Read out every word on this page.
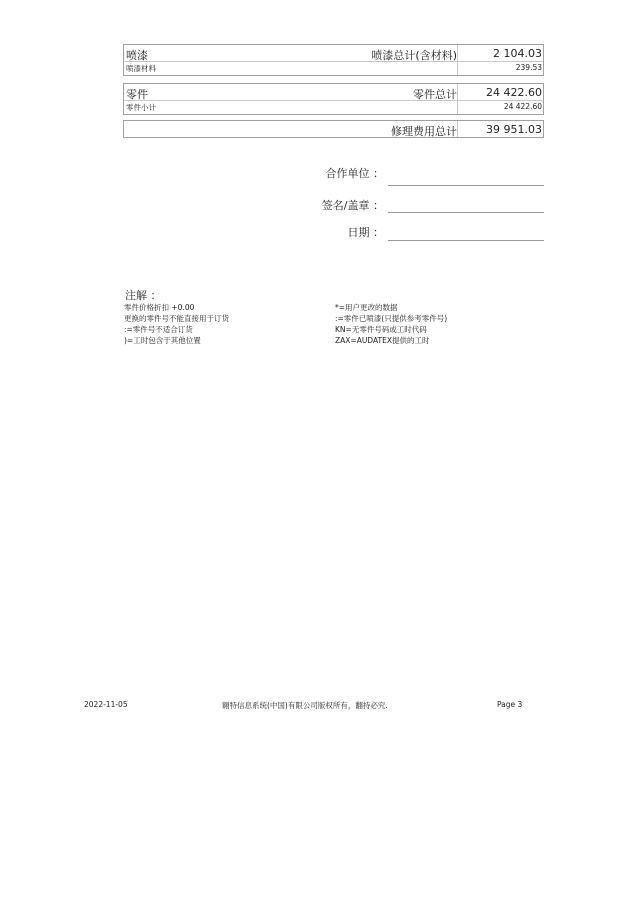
喷漆	喷漆总计(含材料)	2 104.03
喷漆材料	239.53
零件	零件总计	24 422.60
零件小计	24 422.60
修理费用总计	39 951.03
合作单位 ：
签名/盖章 ：
日期 ：
注解 ：
零件价格折扣 +0.00
更换的零件号不能直接用于订货
:=零件号不适合订货
)=工时包含于其他位置
*=用户更改的数据
:=零件已喷漆(只提供参考零件号)
KN=无零件号码或工时代码
ZAX=AUDATEX提供的工时
2022-11-05	翱特信息系统(中国)有限公司版权所有，翻持必究.	Page 3
